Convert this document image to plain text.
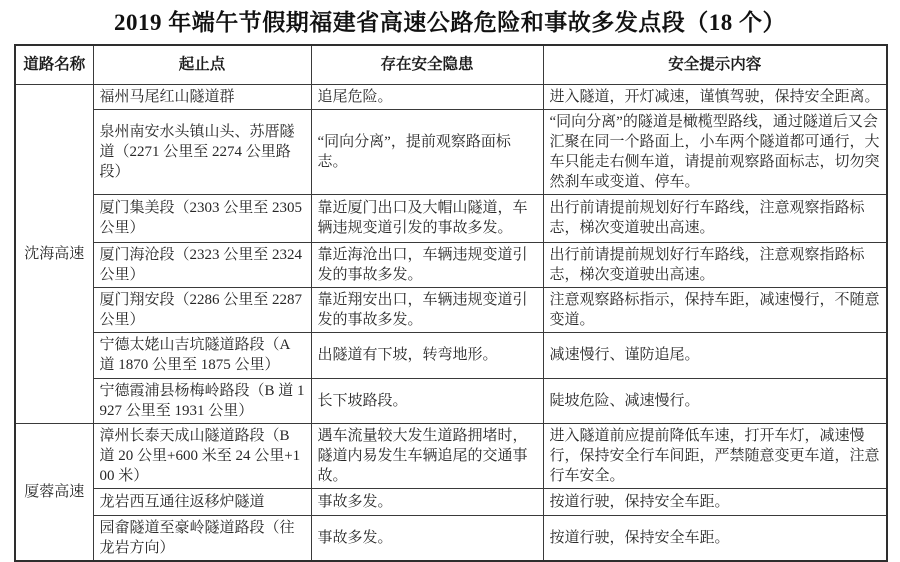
2019 年端午节假期福建省高速公路危险和事故多发点段（18 个）
道路名称	起止点	存在安全隐患	安全提示内容
沈海高速	福州马尾红山隧道群	追尾危险。	进入隧道，开灯减速，谨慎驾驶，保持安全距离。
	泉州南安水头镇山头、苏厝隧道（2271 公里至 2274 公里路段）	“同向分离”，提前观察路面标志。	“同向分离”的隧道是橄榄型路线，通过隧道后又会汇聚在同一个路面上，小车两个隧道都可通行，大车只能走右侧车道，请提前观察路面标志，切勿突然刹车或变道、停车。
	厦门集美段（2303 公里至 2305 公里）	靠近厦门出口及大帽山隧道，车辆违规变道引发的事故多发。	出行前请提前规划好行车路线，注意观察指路标志，梯次变道驶出高速。
	厦门海沧段（2323 公里至 2324 公里）	靠近海沧出口，车辆违规变道引发的事故多发。	出行前请提前规划好行车路线，注意观察指路标志，梯次变道驶出高速。
	厦门翔安段（2286 公里至 2287 公里）	靠近翔安出口，车辆违规变道引发的事故多发。	注意观察路标指示，保持车距，减速慢行，不随意变道。
	宁德太姥山吉坑隧道路段（A 道 1870 公里至 1875 公里）	出隧道有下坡，转弯地形。	减速慢行、谨防追尾。
	宁德霞浦县杨梅岭路段（B 道 1927 公里至 1931 公里）	长下坡路段。	陡坡危险、减速慢行。
厦蓉高速	漳州长泰天成山隧道路段（B 道 20 公里+600 米至 24 公里+100 米）	遇车流量较大发生道路拥堵时，隧道内易发生车辆追尾的交通事故。	进入隧道前应提前降低车速，打开车灯，减速慢行，保持安全行车间距，严禁随意变更车道，注意行车安全。
	龙岩西互通往返移炉隧道	事故多发。	按道行驶，保持安全车距。
	园畲隧道至豪岭隧道路段（往龙岩方向）	事故多发。	按道行驶，保持安全车距。
